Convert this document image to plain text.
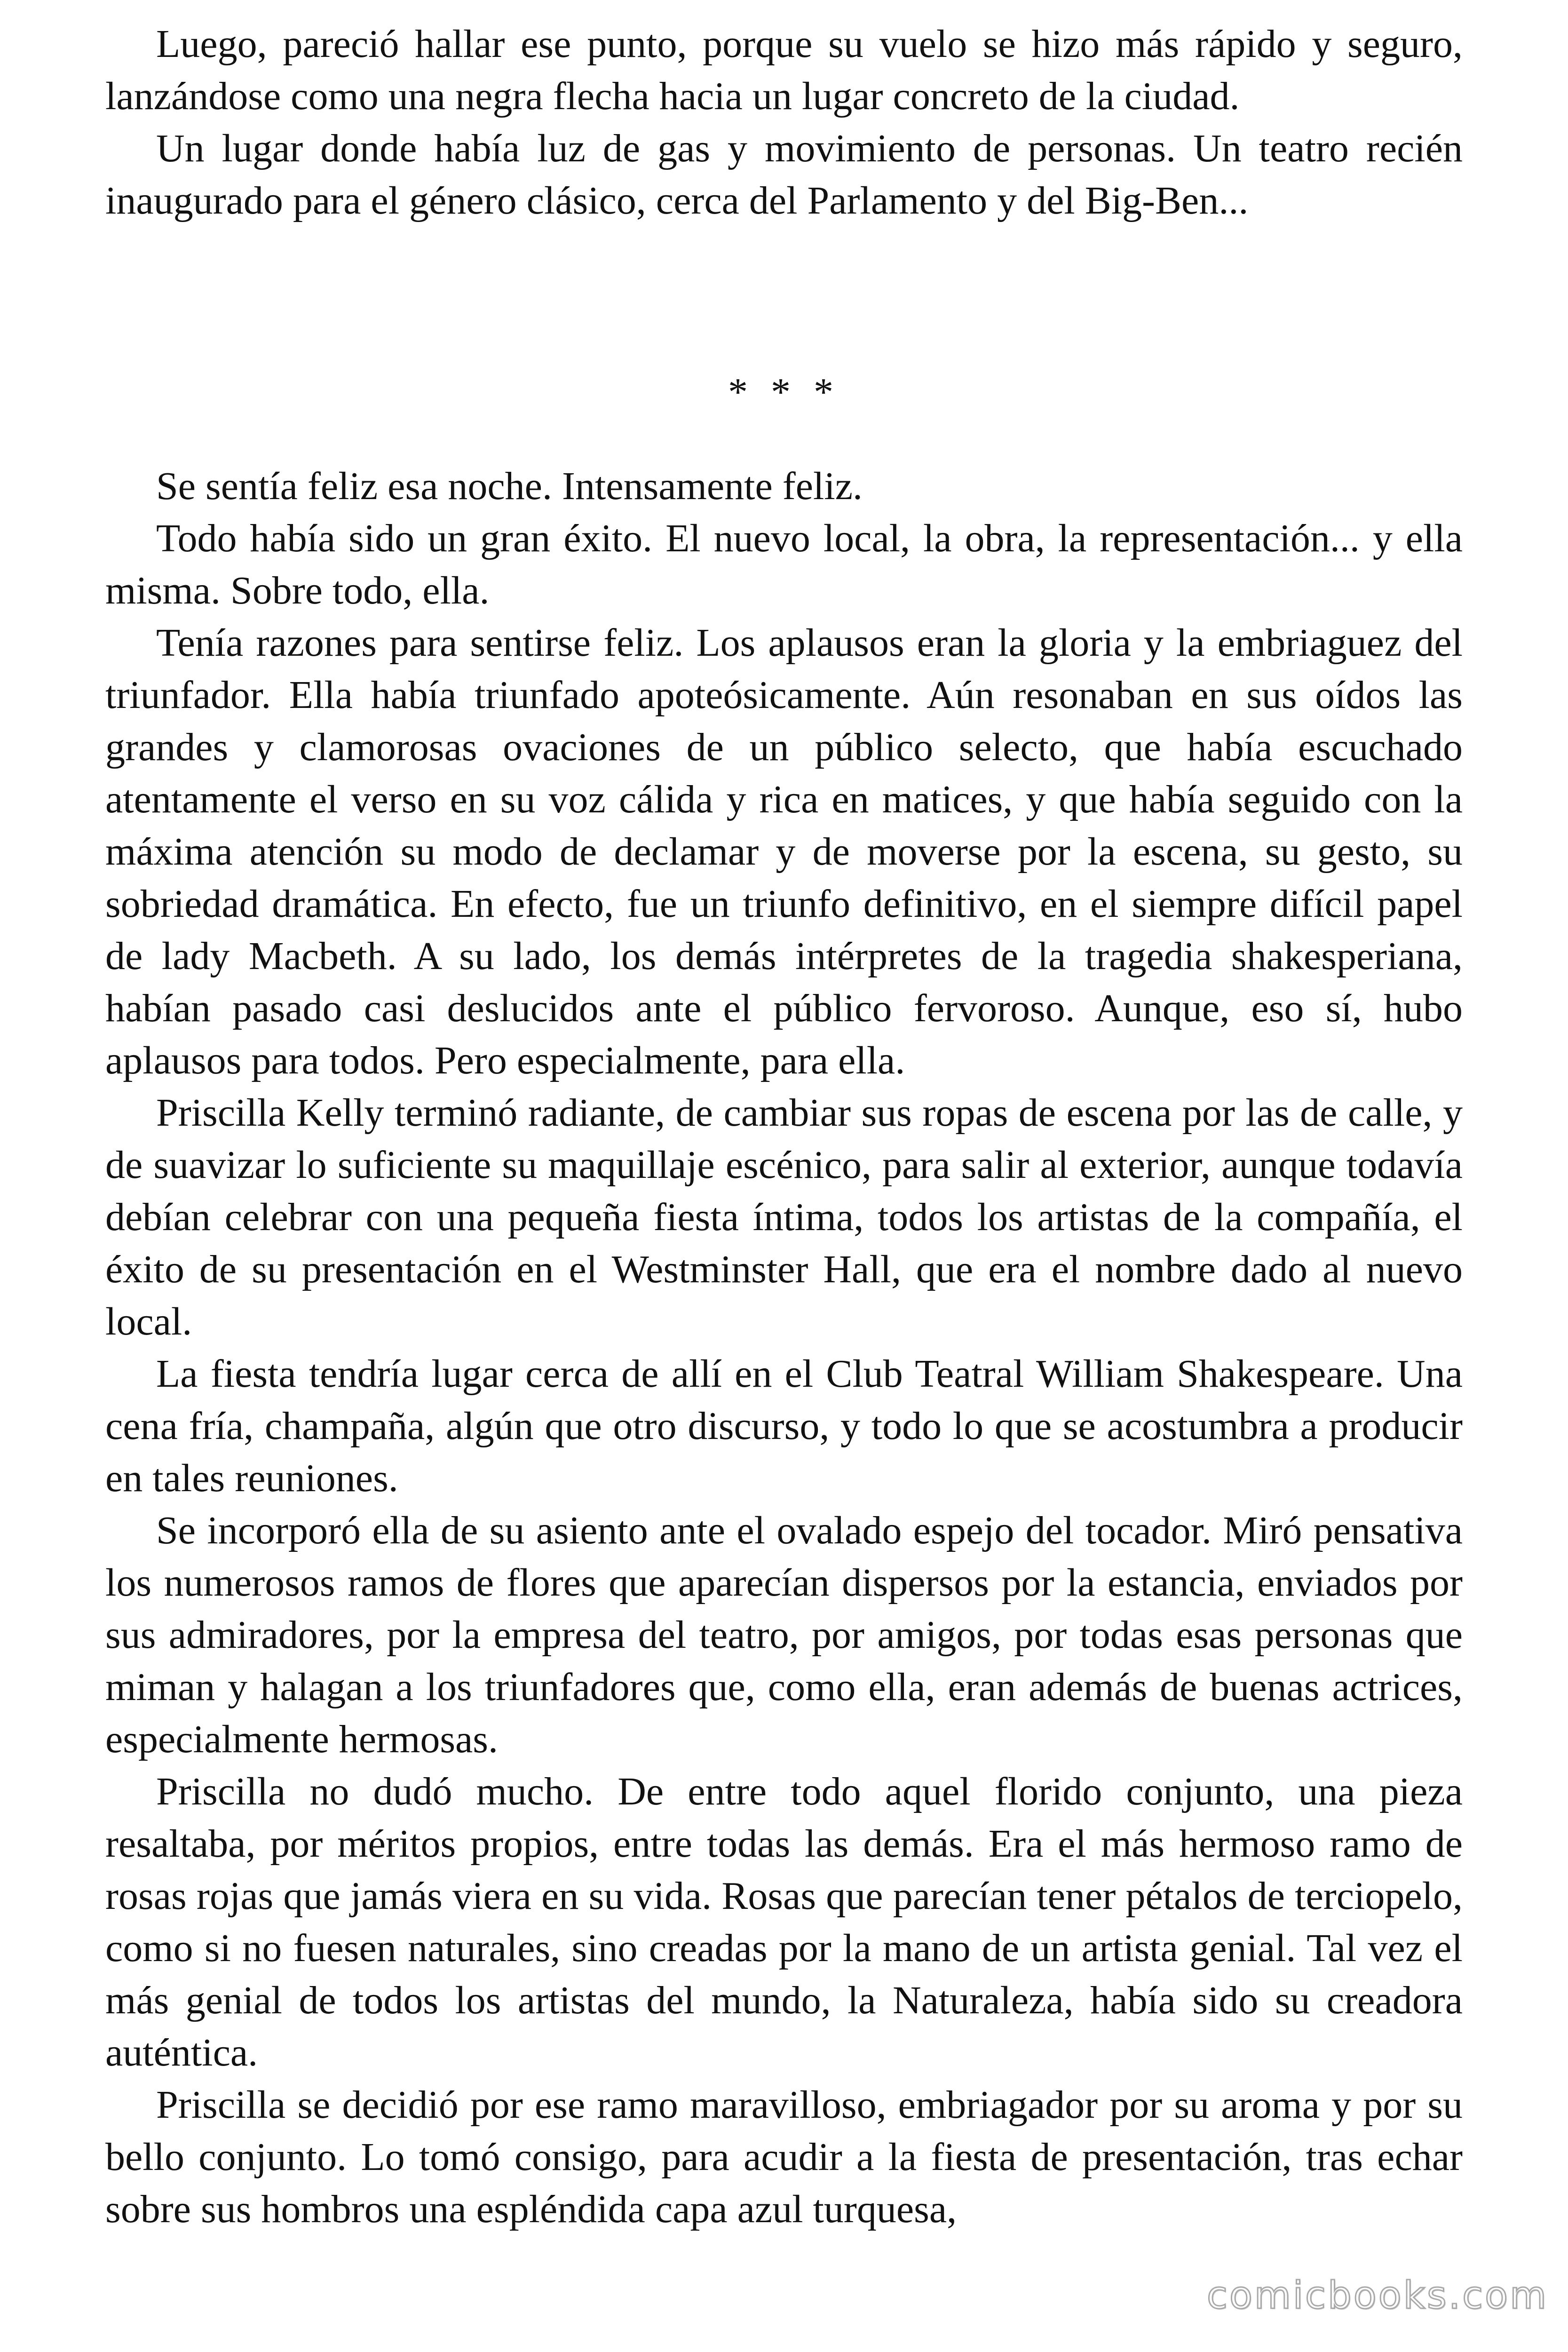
Luego, pareció hallar ese punto, porque su vuelo se hizo más rápido y seguro, lanzándose como una negra flecha hacia un lugar concreto de la ciudad.

Un lugar donde había luz de gas y movimiento de personas. Un teatro recién inaugurado para el género clásico, cerca del Parlamento y del Big-Ben...

* * *

Se sentía feliz esa noche. Intensamente feliz.

Todo había sido un gran éxito. El nuevo local, la obra, la representación... y ella misma. Sobre todo, ella.

Tenía razones para sentirse feliz. Los aplausos eran la gloria y la embriaguez del triunfador. Ella había triunfado apoteósicamente. Aún resonaban en sus oídos las grandes y clamorosas ovaciones de un público selecto, que había escuchado atentamente el verso en su voz cálida y rica en matices, y que había seguido con la máxima atención su modo de declamar y de moverse por la escena, su gesto, su sobriedad dramática. En efecto, fue un triunfo definitivo, en el siempre difícil papel de lady Macbeth. A su lado, los demás intérpretes de la tragedia shakesperiana, habían pasado casi deslucidos ante el público fervoroso. Aunque, eso sí, hubo aplausos para todos. Pero especialmente, para ella.

Priscilla Kelly terminó radiante, de cambiar sus ropas de escena por las de calle, y de suavizar lo suficiente su maquillaje escénico, para salir al exterior, aunque todavía debían celebrar con una pequeña fiesta íntima, todos los artistas de la compañía, el éxito de su presentación en el Westminster Hall, que era el nombre dado al nuevo local.

La fiesta tendría lugar cerca de allí en el Club Teatral William Shakespeare. Una cena fría, champaña, algún que otro discurso, y todo lo que se acostumbra a producir en tales reuniones.

Se incorporó ella de su asiento ante el ovalado espejo del tocador. Miró pensativa los numerosos ramos de flores que aparecían dispersos por la estancia, enviados por sus admiradores, por la empresa del teatro, por amigos, por todas esas personas que miman y halagan a los triunfadores que, como ella, eran además de buenas actrices, especialmente hermosas.

Priscilla no dudó mucho. De entre todo aquel florido conjunto, una pieza resaltaba, por méritos propios, entre todas las demás. Era el más hermoso ramo de rosas rojas que jamás viera en su vida. Rosas que parecían tener pétalos de terciopelo, como si no fuesen naturales, sino creadas por la mano de un artista genial. Tal vez el más genial de todos los artistas del mundo, la Naturaleza, había sido su creadora auténtica.

Priscilla se decidió por ese ramo maravilloso, embriagador por su aroma y por su bello conjunto. Lo tomó consigo, para acudir a la fiesta de presentación, tras echar sobre sus hombros una espléndida capa azul turquesa,

comicbooks.com
